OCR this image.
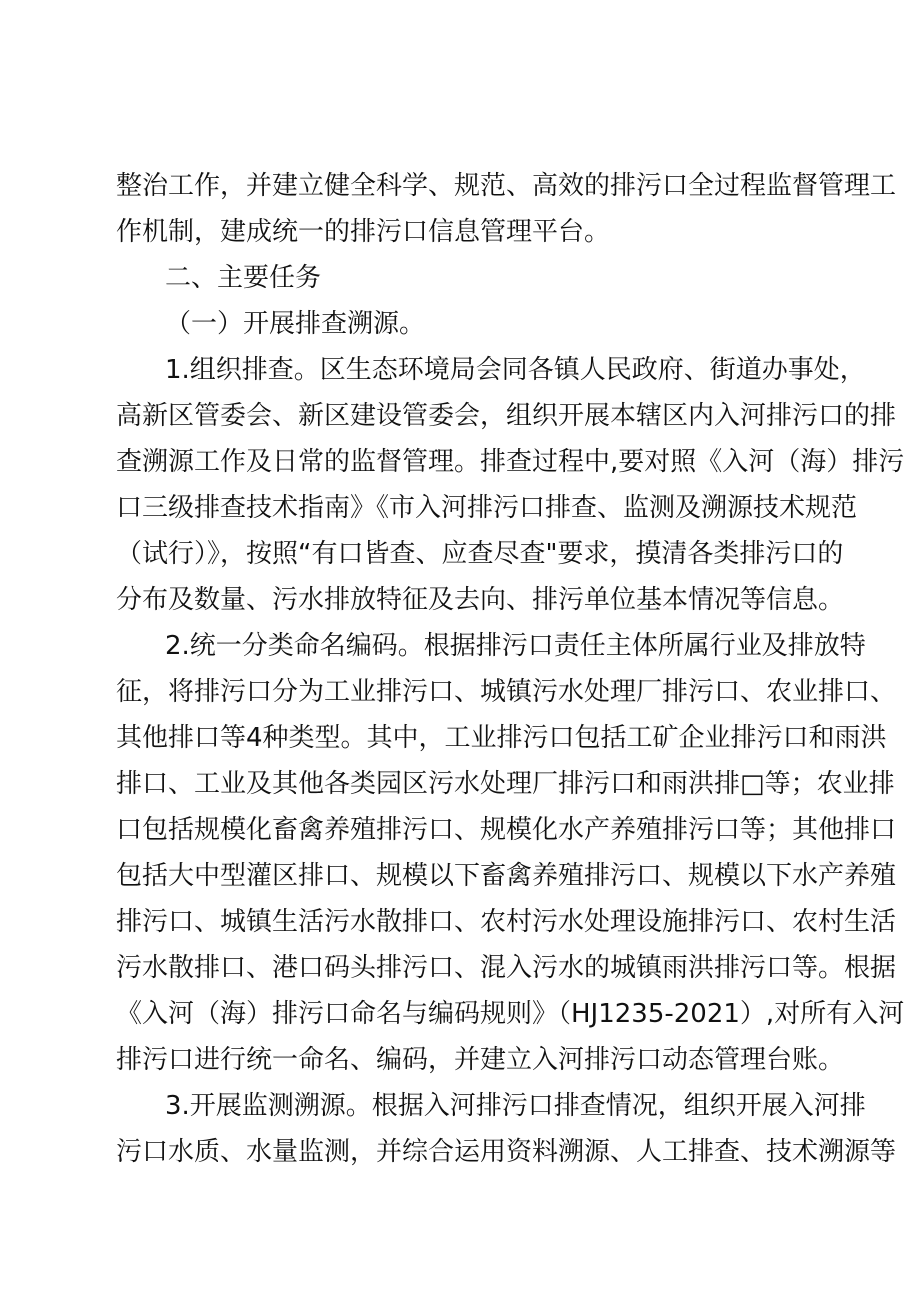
整治工作，并建立健全科学、规范、高效的排污口全过程监督管理工
作机制，建成统一的排污口信息管理平台。
二、主要任务
（一）开展排查溯源。
1.组织排查。区生态环境局会同各镇人民政府、街道办事处，
高新区管委会、新区建设管委会，组织开展本辖区内入河排污口的排
查溯源工作及日常的监督管理。排查过程中,要对照《入河（海）排污
口三级排查技术指南》《市入河排污口排查、监测及溯源技术规范
（试行）》，按照“有口皆查、应查尽查"要求，摸清各类排污口的
分布及数量、污水排放特征及去向、排污单位基本情况等信息。
2.统一分类命名编码。根据排污口责任主体所属行业及排放特
征，将排污口分为工业排污口、城镇污水处理厂排污口、农业排口、
其他排口等4种类型。其中，工业排污口包括工矿企业排污口和雨洪
排口、工业及其他各类园区污水处理厂排污口和雨洪排□等；农业排
口包括规模化畜禽养殖排污口、规模化水产养殖排污口等；其他排口
包括大中型灌区排口、规模以下畜禽养殖排污口、规模以下水产养殖
排污口、城镇生活污水散排口、农村污水处理设施排污口、农村生活
污水散排口、港口码头排污口、混入污水的城镇雨洪排污口等。根据
《入河（海）排污口命名与编码规则》（HJ1235-2021）,对所有入河
排污口进行统一命名、编码，并建立入河排污口动态管理台账。
3.开展监测溯源。根据入河排污口排查情况，组织开展入河排
污口水质、水量监测，并综合运用资料溯源、人工排查、技术溯源等
